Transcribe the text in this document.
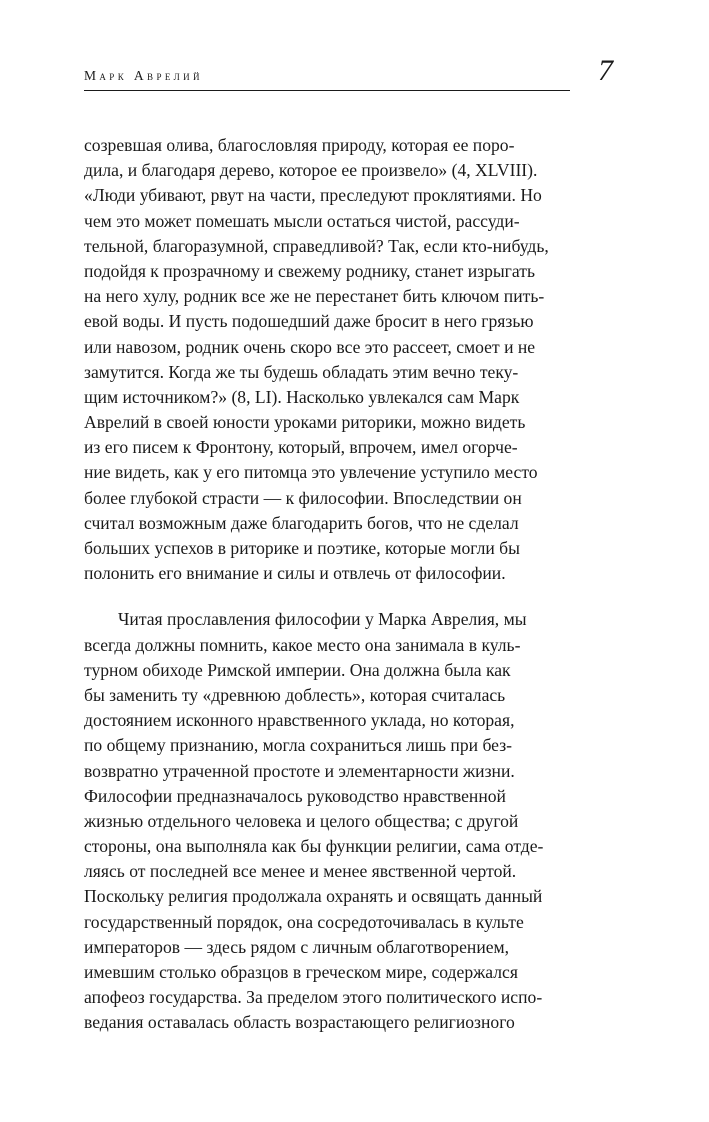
Марк Аврелий	7
созревшая олива, благословляя природу, которая ее поро-
дила, и благодаря дерево, которое ее произвело» (4, XLVIII).
«Люди убивают, рвут на части, преследуют проклятиями. Но
чем это может помешать мысли остаться чистой, рассуди-
тельной, благоразумной, справедливой? Так, если кто-нибудь,
подойдя к прозрачному и свежему роднику, станет изрыгать
на него хулу, родник все же не перестанет бить ключом пить-
евой воды. И пусть подошедший даже бросит в него грязью
или навозом, родник очень скоро все это рассеет, смоет и не
замутится. Когда же ты будешь обладать этим вечно теку-
щим источником?» (8, LI). Насколько увлекался сам Марк
Аврелий в своей юности уроками риторики, можно видеть
из его писем к Фронтону, который, впрочем, имел огорче-
ние видеть, как у его питомца это увлечение уступило место
более глубокой страсти — к философии. Впоследствии он
считал возможным даже благодарить богов, что не сделал
больших успехов в риторике и поэтике, которые могли бы
полонить его внимание и силы и отвлечь от философии.
Читая прославления философии у Марка Аврелия, мы
всегда должны помнить, какое место она занимала в куль-
турном обиходе Римской империи. Она должна была как
бы заменить ту «древнюю доблесть», которая считалась
достоянием исконного нравственного уклада, но которая,
по общему признанию, могла сохраниться лишь при без-
возвратно утраченной простоте и элементарности жизни.
Философии предназначалось руководство нравственной
жизнью отдельного человека и целого общества; с другой
стороны, она выполняла как бы функции религии, сама отде-
ляясь от последней все менее и менее явственной чертой.
Поскольку религия продолжала охранять и освящать данный
государственный порядок, она сосредоточивалась в культе
императоров — здесь рядом с личным облаготворением,
имевшим столько образцов в греческом мире, содержался
апофеоз государства. За пределом этого политического испо-
ведания оставалась область возрастающего религиозного
